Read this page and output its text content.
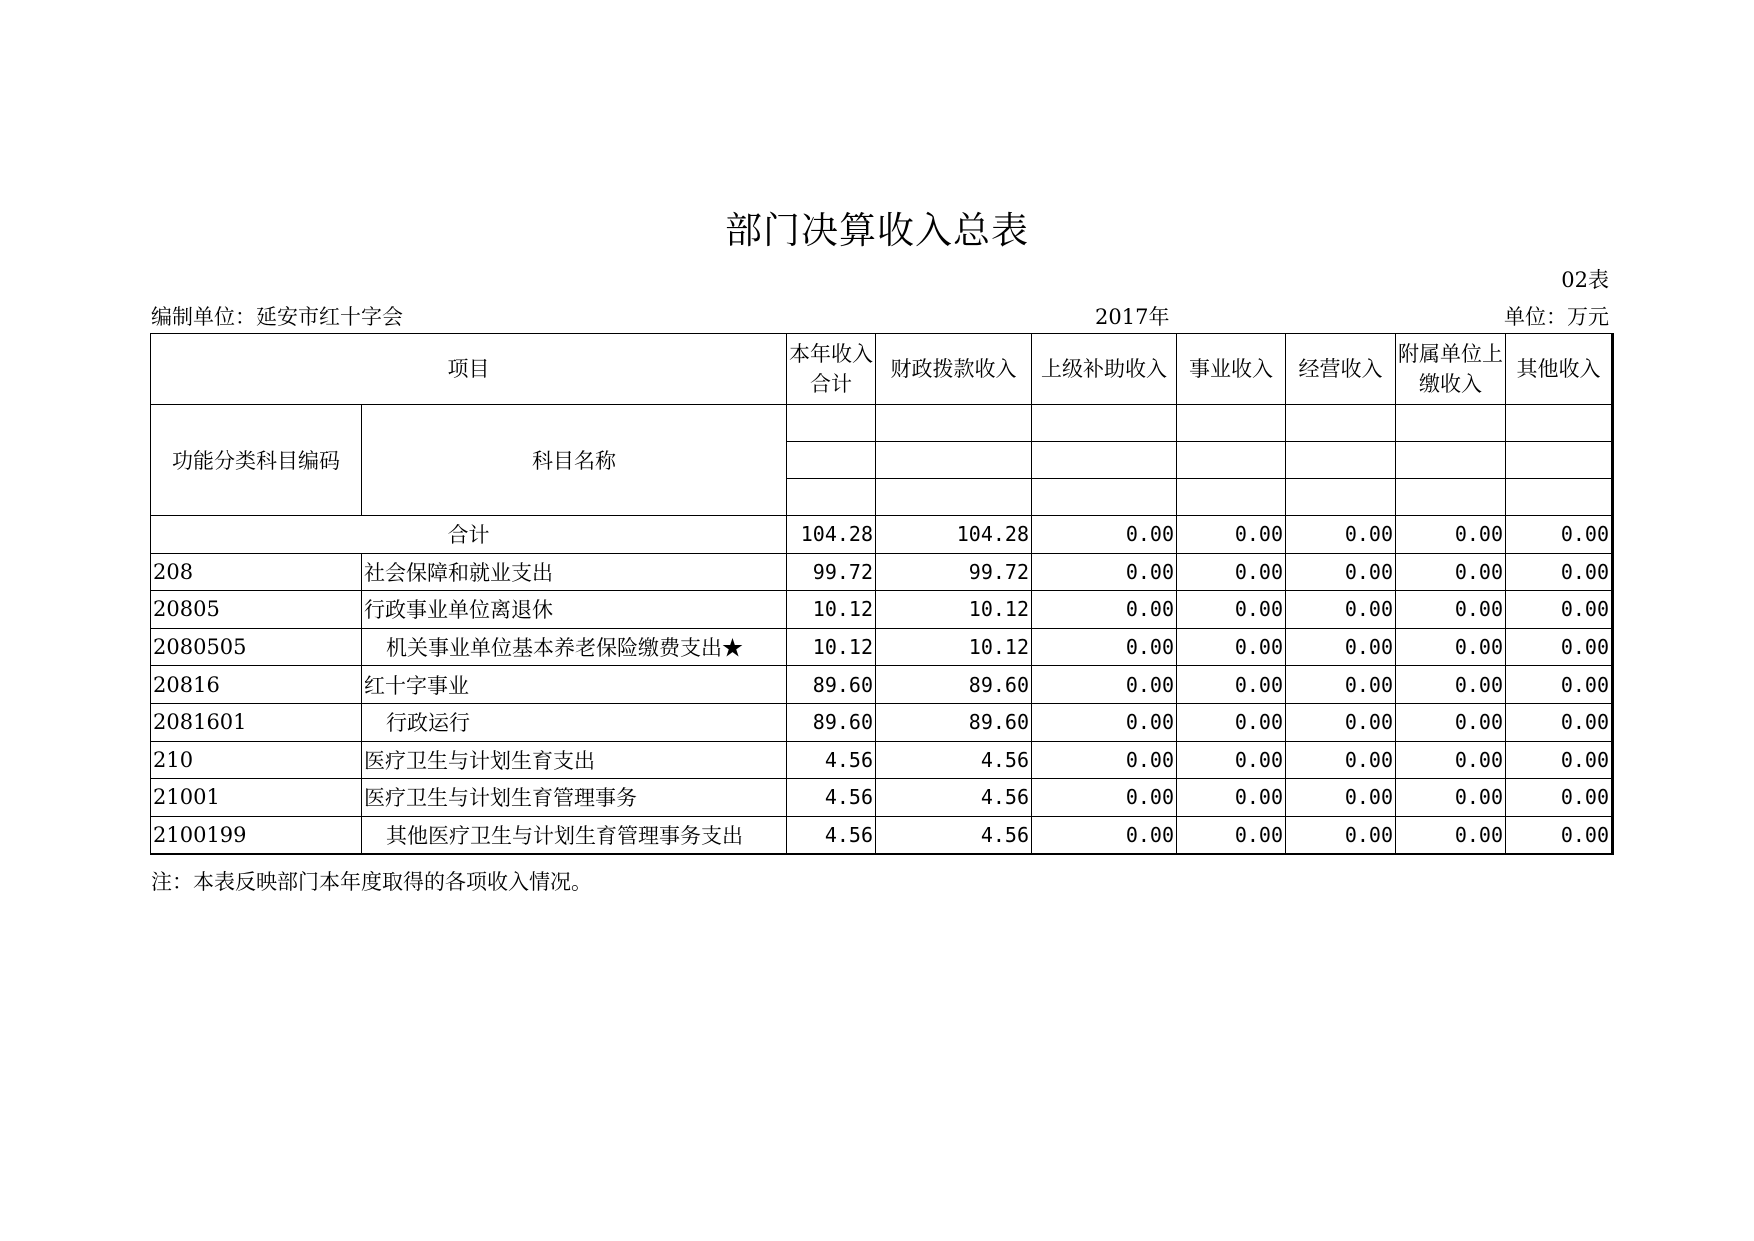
部门决算收入总表
02表
编制单位：延安市红十字会	2017年	单位：万元
项目		本年收入合计	财政拨款收入	上级补助收入	事业收入	经营收入	附属单位上缴收入	其他收入
功能分类科目编码	科目名称							

合计		104.28	104.28	0.00	0.00	0.00	0.00	0.00
208	社会保障和就业支出	99.72	99.72	0.00	0.00	0.00	0.00	0.00
20805	行政事业单位离退休	10.12	10.12	0.00	0.00	0.00	0.00	0.00
2080505	机关事业单位基本养老保险缴费支出★	10.12	10.12	0.00	0.00	0.00	0.00	0.00
20816	红十字事业	89.60	89.60	0.00	0.00	0.00	0.00	0.00
2081601	行政运行	89.60	89.60	0.00	0.00	0.00	0.00	0.00
210	医疗卫生与计划生育支出	4.56	4.56	0.00	0.00	0.00	0.00	0.00
21001	医疗卫生与计划生育管理事务	4.56	4.56	0.00	0.00	0.00	0.00	0.00
2100199	其他医疗卫生与计划生育管理事务支出	4.56	4.56	0.00	0.00	0.00	0.00	0.00
注：本表反映部门本年度取得的各项收入情况。
